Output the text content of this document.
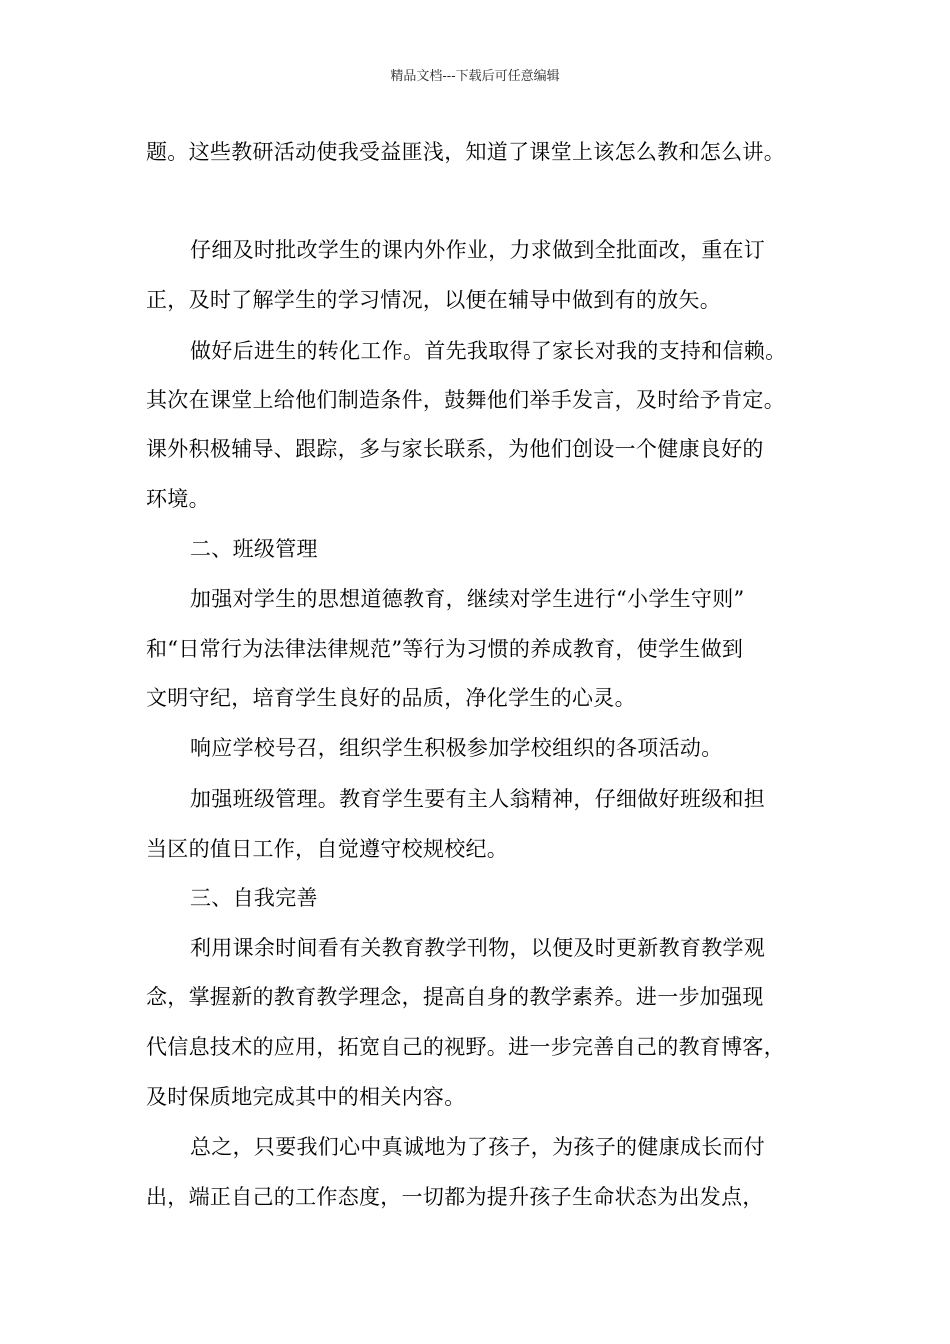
精品文档---下载后可任意编辑
题。这些教研活动使我受益匪浅，知道了课堂上该怎么教和怎么讲。
仔细及时批改学生的课内外作业，力求做到全批面改，重在订
正，及时了解学生的学习情况，以便在辅导中做到有的放矢。
做好后进生的转化工作。首先我取得了家长对我的支持和信赖。
其次在课堂上给他们制造条件，鼓舞他们举手发言，及时给予肯定。
课外积极辅导、跟踪，多与家长联系，为他们创设一个健康良好的
环境。
二、班级管理
加强对学生的思想道德教育，继续对学生进行“小学生守则”
和“日常行为法律法律规范”等行为习惯的养成教育，使学生做到
文明守纪，培育学生良好的品质，净化学生的心灵。
响应学校号召，组织学生积极参加学校组织的各项活动。
加强班级管理。教育学生要有主人翁精神，仔细做好班级和担
当区的值日工作，自觉遵守校规校纪。
三、自我完善
利用课余时间看有关教育教学刊物，以便及时更新教育教学观
念，掌握新的教育教学理念，提高自身的教学素养。进一步加强现
代信息技术的应用，拓宽自己的视野。进一步完善自己的教育博客，
及时保质地完成其中的相关内容。
总之，只要我们心中真诚地为了孩子，为孩子的健康成长而付
出，端正自己的工作态度，一切都为提升孩子生命状态为出发点，
